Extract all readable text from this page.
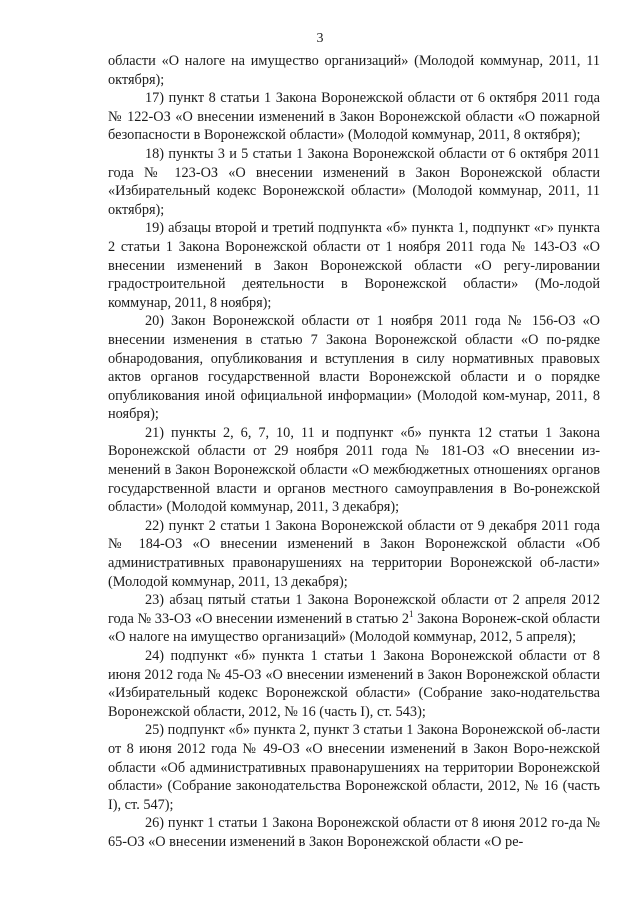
3

области «О налоге на имущество организаций» (Молодой коммунар, 2011, 11 октября);

17) пункт 8 статьи 1 Закона Воронежской области от 6 октября 2011 года № 122-ОЗ «О внесении изменений в Закон Воронежской области «О пожарной безопасности в Воронежской области» (Молодой коммунар, 2011, 8 октября);

18) пункты 3 и 5 статьи 1 Закона Воронежской области от 6 октября 2011 года № 123-ОЗ «О внесении изменений в Закон Воронежской области «Избирательный кодекс Воронежской области» (Молодой коммунар, 2011, 11 октября);

19) абзацы второй и третий подпункта «б» пункта 1, подпункт «г» пункта 2 статьи 1 Закона Воронежской области от 1 ноября 2011 года № 143-ОЗ «О внесении изменений в Закон Воронежской области «О регу-лировании градостроительной деятельности в Воронежской области» (Мо-лодой коммунар, 2011, 8 ноября);

20) Закон Воронежской области от 1 ноября 2011 года № 156-ОЗ «О внесении изменения в статью 7 Закона Воронежской области «О по-рядке обнародования, опубликования и вступления в силу нормативных правовых актов органов государственной власти Воронежской области и о порядке опубликования иной официальной информации» (Молодой ком-мунар, 2011, 8 ноября);

21) пункты 2, 6, 7, 10, 11 и подпункт «б» пункта 12 статьи 1 Закона Воронежской области от 29 ноября 2011 года № 181-ОЗ «О внесении из-менений в Закон Воронежской области «О межбюджетных отношениях органов государственной власти и органов местного самоуправления в Во-ронежской области» (Молодой коммунар, 2011, 3 декабря);

22) пункт 2 статьи 1 Закона Воронежской области от 9 декабря 2011 года № 184-ОЗ «О внесении изменений в Закон Воронежской области «Об административных правонарушениях на территории Воронежской об-ласти» (Молодой коммунар, 2011, 13 декабря);

23) абзац пятый статьи 1 Закона Воронежской области от 2 апреля 2012 года № 33-ОЗ «О внесении изменений в статью $2^1$ Закона Воронеж-ской области «О налоге на имущество организаций» (Молодой коммунар, 2012, 5 апреля);

24) подпункт «б» пункта 1 статьи 1 Закона Воронежской области от 8 июня 2012 года № 45-ОЗ «О внесении изменений в Закон Воронежской области «Избирательный кодекс Воронежской области» (Собрание зако-нодательства Воронежской области, 2012, № 16 (часть I), ст. 543);

25) подпункт «б» пункта 2, пункт 3 статьи 1 Закона Воронежской об-ласти от 8 июня 2012 года № 49-ОЗ «О внесении изменений в Закон Воро-нежской области «Об административных правонарушениях на территории Воронежской области» (Собрание законодательства Воронежской области, 2012, № 16 (часть I), ст. 547);

26) пункт 1 статьи 1 Закона Воронежской области от 8 июня 2012 го-да № 65-ОЗ «О внесении изменений в Закон Воронежской области «О ре-
